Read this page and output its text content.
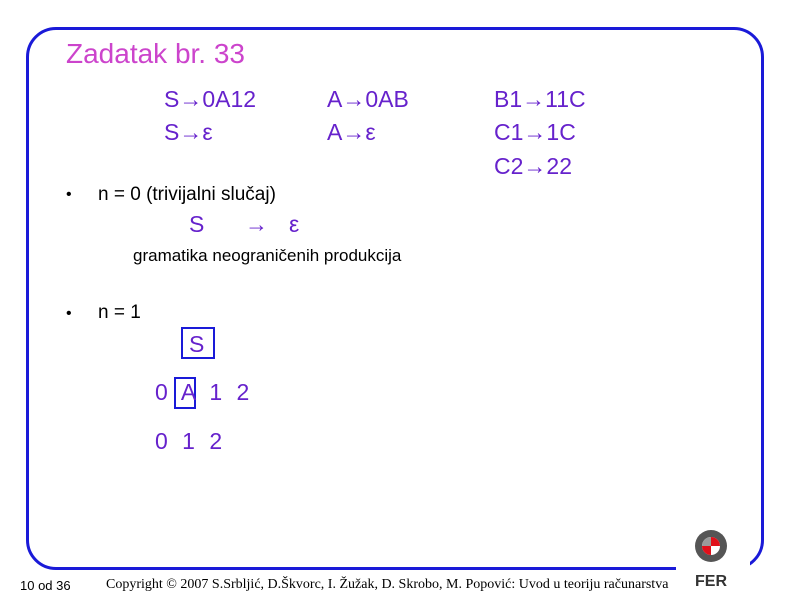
Zadatak br. 33
S→0A12
S→ε
A→0AB
A→ε
B1→11C
C1→1C
C2→22
• n = 0 (trivijalni slučaj)
S → ε
gramatika neograničenih produkcija
• n = 1
S
0 A 1 2
0 1 2
10 od 36	Copyright © 2007 S.Srbljić, D.Škvorc, I. Žužak, D. Skrobo, M. Popović: Uvod u teoriju računarstva FER
